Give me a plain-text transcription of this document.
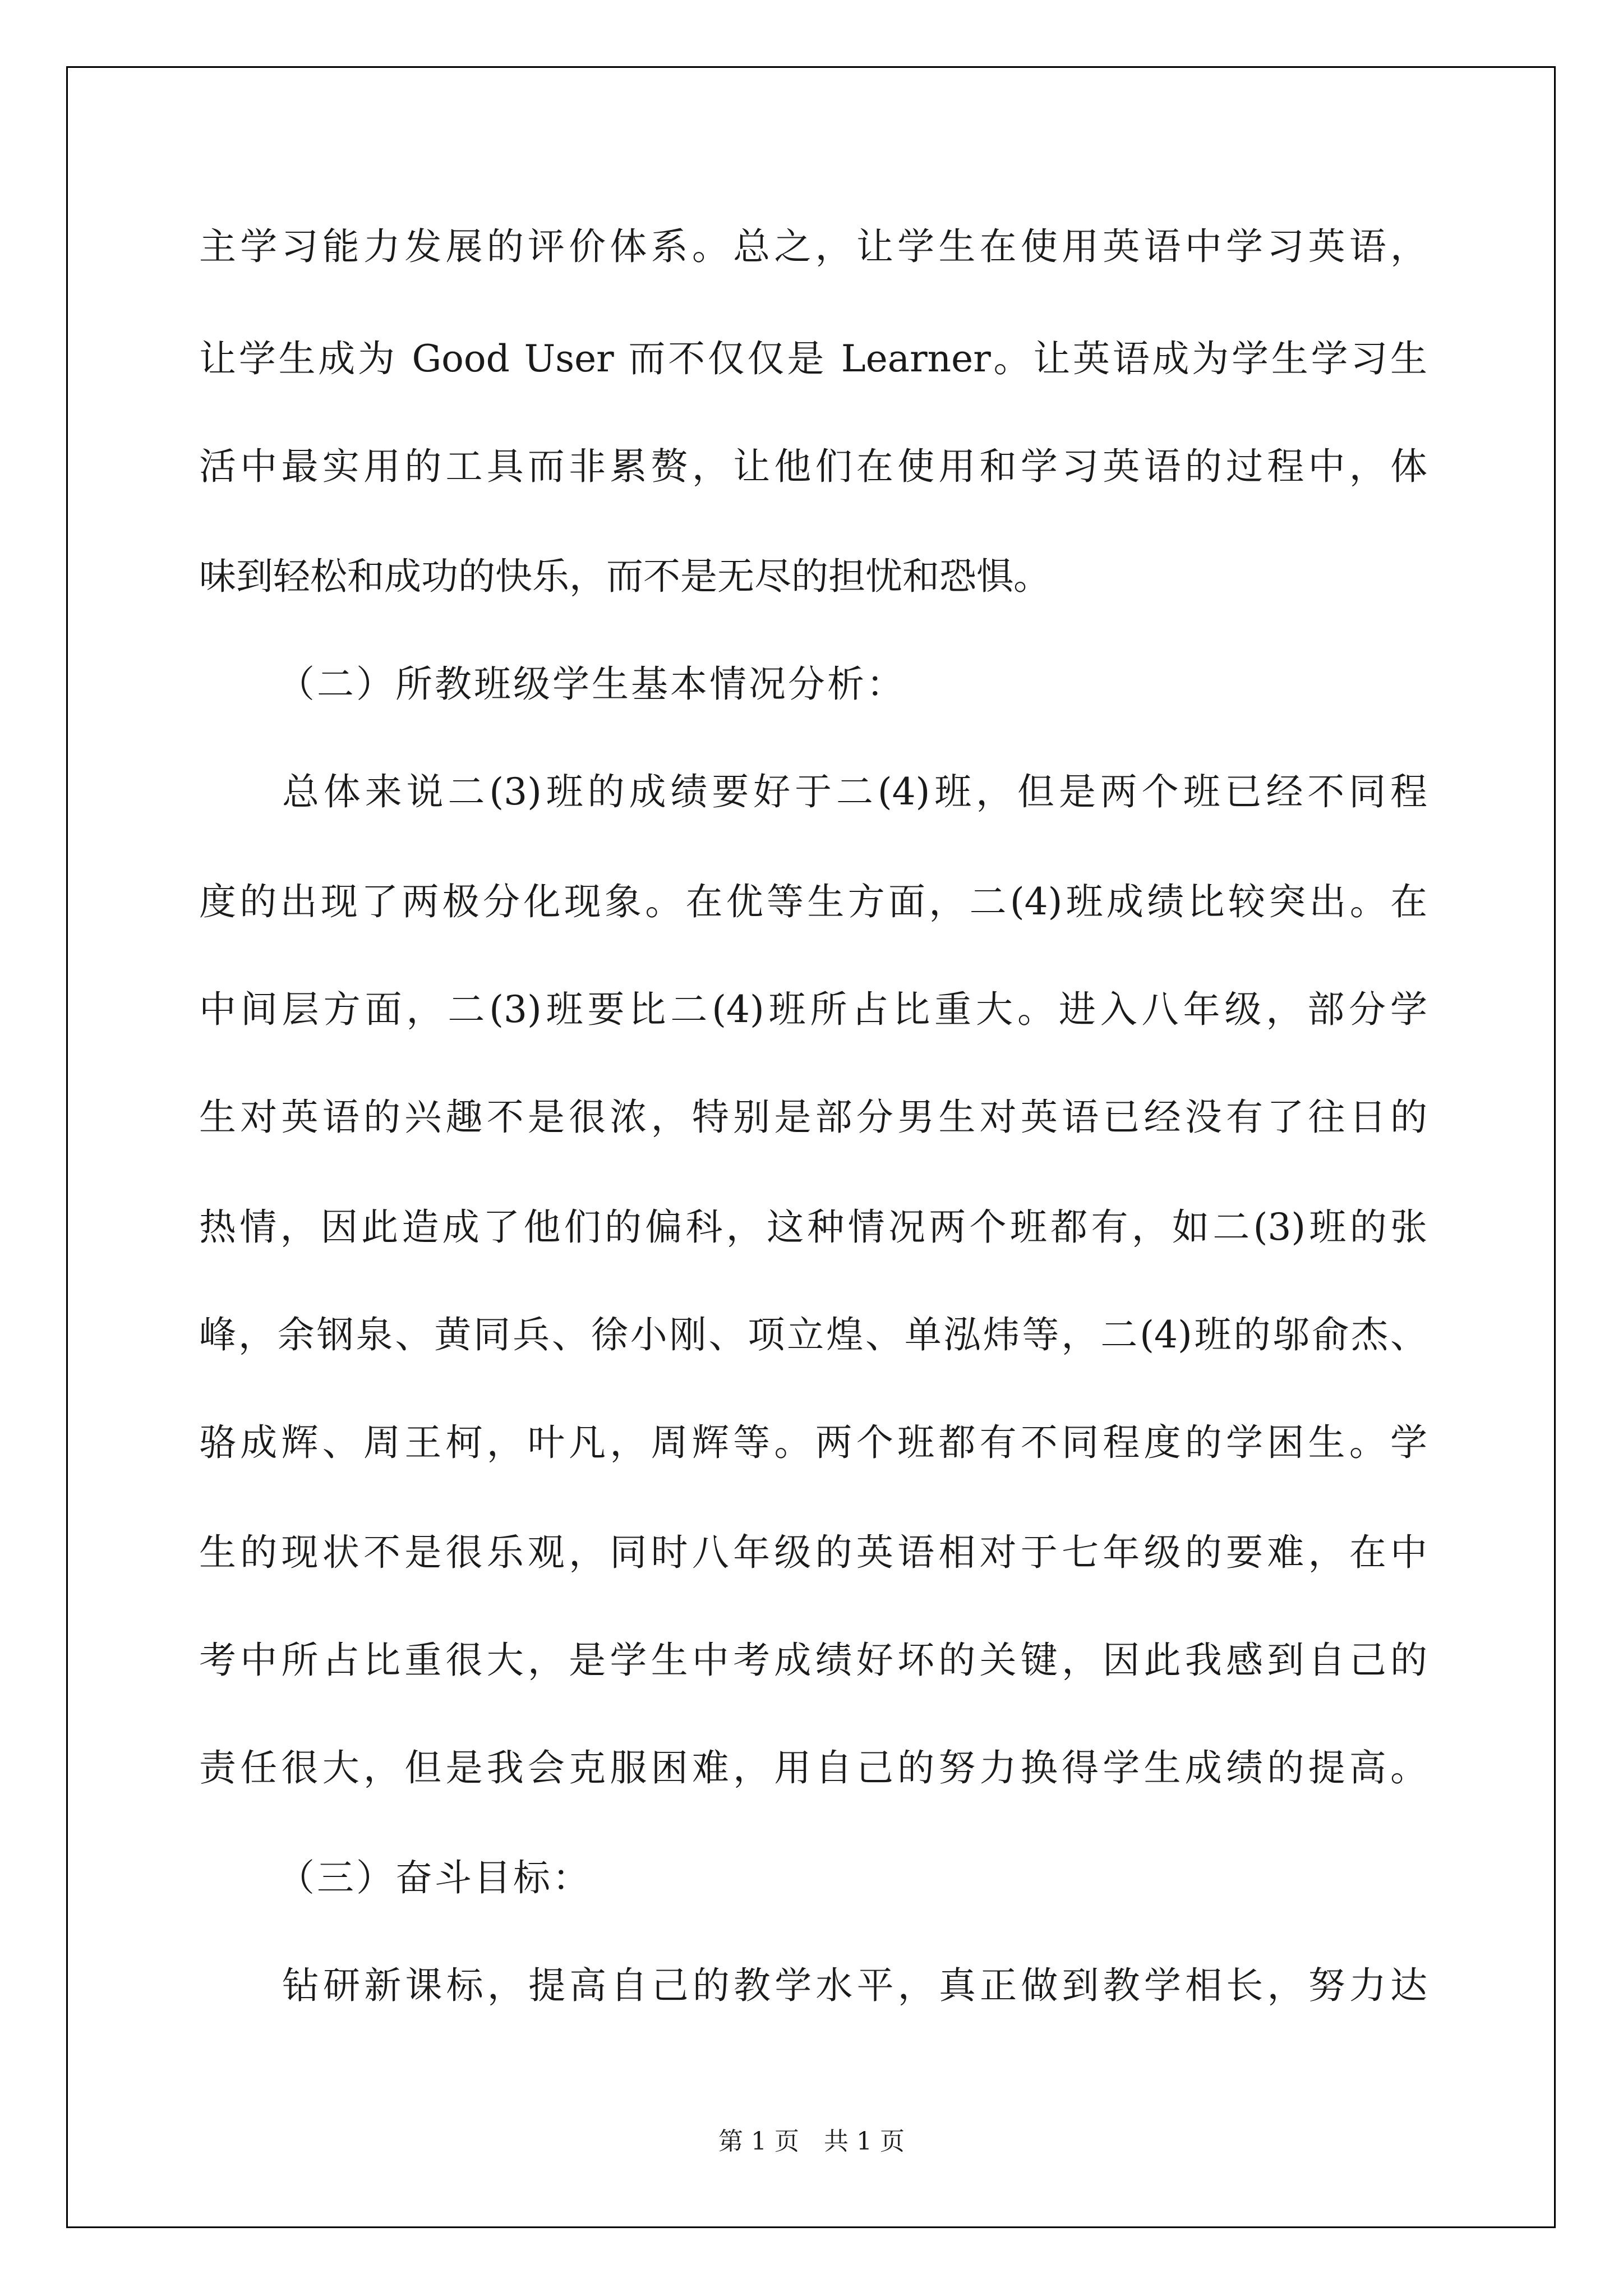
主学习能力发展的评价体系。总之，让学生在使用英语中学习英语，
让学生成为 Good User 而不仅仅是 Learner。让英语成为学生学习生
活中最实用的工具而非累赘，让他们在使用和学习英语的过程中，体
味到轻松和成功的快乐，而不是无尽的担忧和恐惧。
（二）所教班级学生基本情况分析：
总体来说二(3)班的成绩要好于二(4)班，但是两个班已经不同程
度的出现了两极分化现象。在优等生方面，二(4)班成绩比较突出。在
中间层方面，二(3)班要比二(4)班所占比重大。进入八年级，部分学
生对英语的兴趣不是很浓，特别是部分男生对英语已经没有了往日的
热情，因此造成了他们的偏科，这种情况两个班都有，如二(3)班的张
峰，余钢泉、黄同兵、徐小刚、项立煌、单泓炜等，二(4)班的邬俞杰、
骆成辉、周王柯，叶凡，周辉等。两个班都有不同程度的学困生。学
生的现状不是很乐观，同时八年级的英语相对于七年级的要难，在中
考中所占比重很大，是学生中考成绩好坏的关键，因此我感到自己的
责任很大，但是我会克服困难，用自己的努力换得学生成绩的提高。
（三）奋斗目标：
钻研新课标，提高自己的教学水平，真正做到教学相长，努力达
第 1 页　共 1 页
